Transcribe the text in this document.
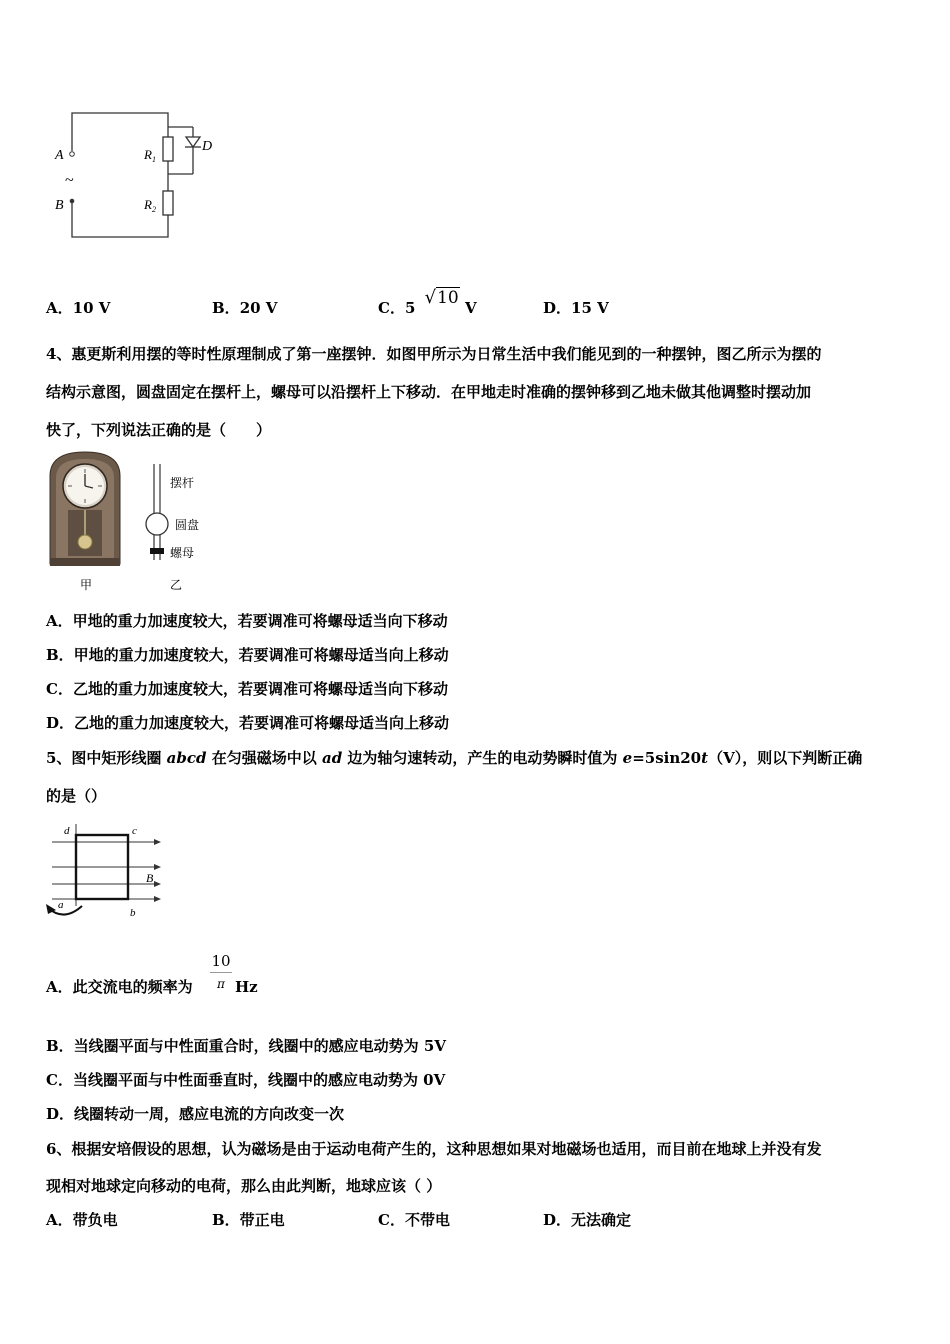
A
B
~
$R_1$
$R_2$
D
A．10 V	B．20 V	C．5 √10 V	D．15 V
4、惠更斯利用摆的等时性原理制成了第一座摆钟．如图甲所示为日常生活中我们能见到的一种摆钟，图乙所示为摆的
结构示意图，圆盘固定在摆杆上，螺母可以沿摆杆上下移动．在甲地走时准确的摆钟移到乙地未做其他调整时摆动加
快了，下列说法正确的是（　　）
摆杆
圆盘
螺母
甲	乙
A．甲地的重力加速度较大，若要调准可将螺母适当向下移动
B．甲地的重力加速度较大，若要调准可将螺母适当向上移动
C．乙地的重力加速度较大，若要调准可将螺母适当向下移动
D．乙地的重力加速度较大，若要调准可将螺母适当向上移动
5、图中矩形线圈 abcd 在匀强磁场中以 ad 边为轴匀速转动，产生的电动势瞬时值为 e=5sin20t（V），则以下判断正确
的是（）
d	c
a
b
B
A．此交流电的频率为
10
π Hz
B．当线圈平面与中性面重合时，线圈中的感应电动势为 5V
C．当线圈平面与中性面垂直时，线圈中的感应电动势为 0V
D．线圈转动一周，感应电流的方向改变一次
6、根据安培假设的思想，认为磁场是由于运动电荷产生的，这种思想如果对地磁场也适用，而目前在地球上并没有发
现相对地球定向移动的电荷，那么由此判断，地球应该（ ）
A．带负电	B．带正电	C．不带电	D．无法确定
